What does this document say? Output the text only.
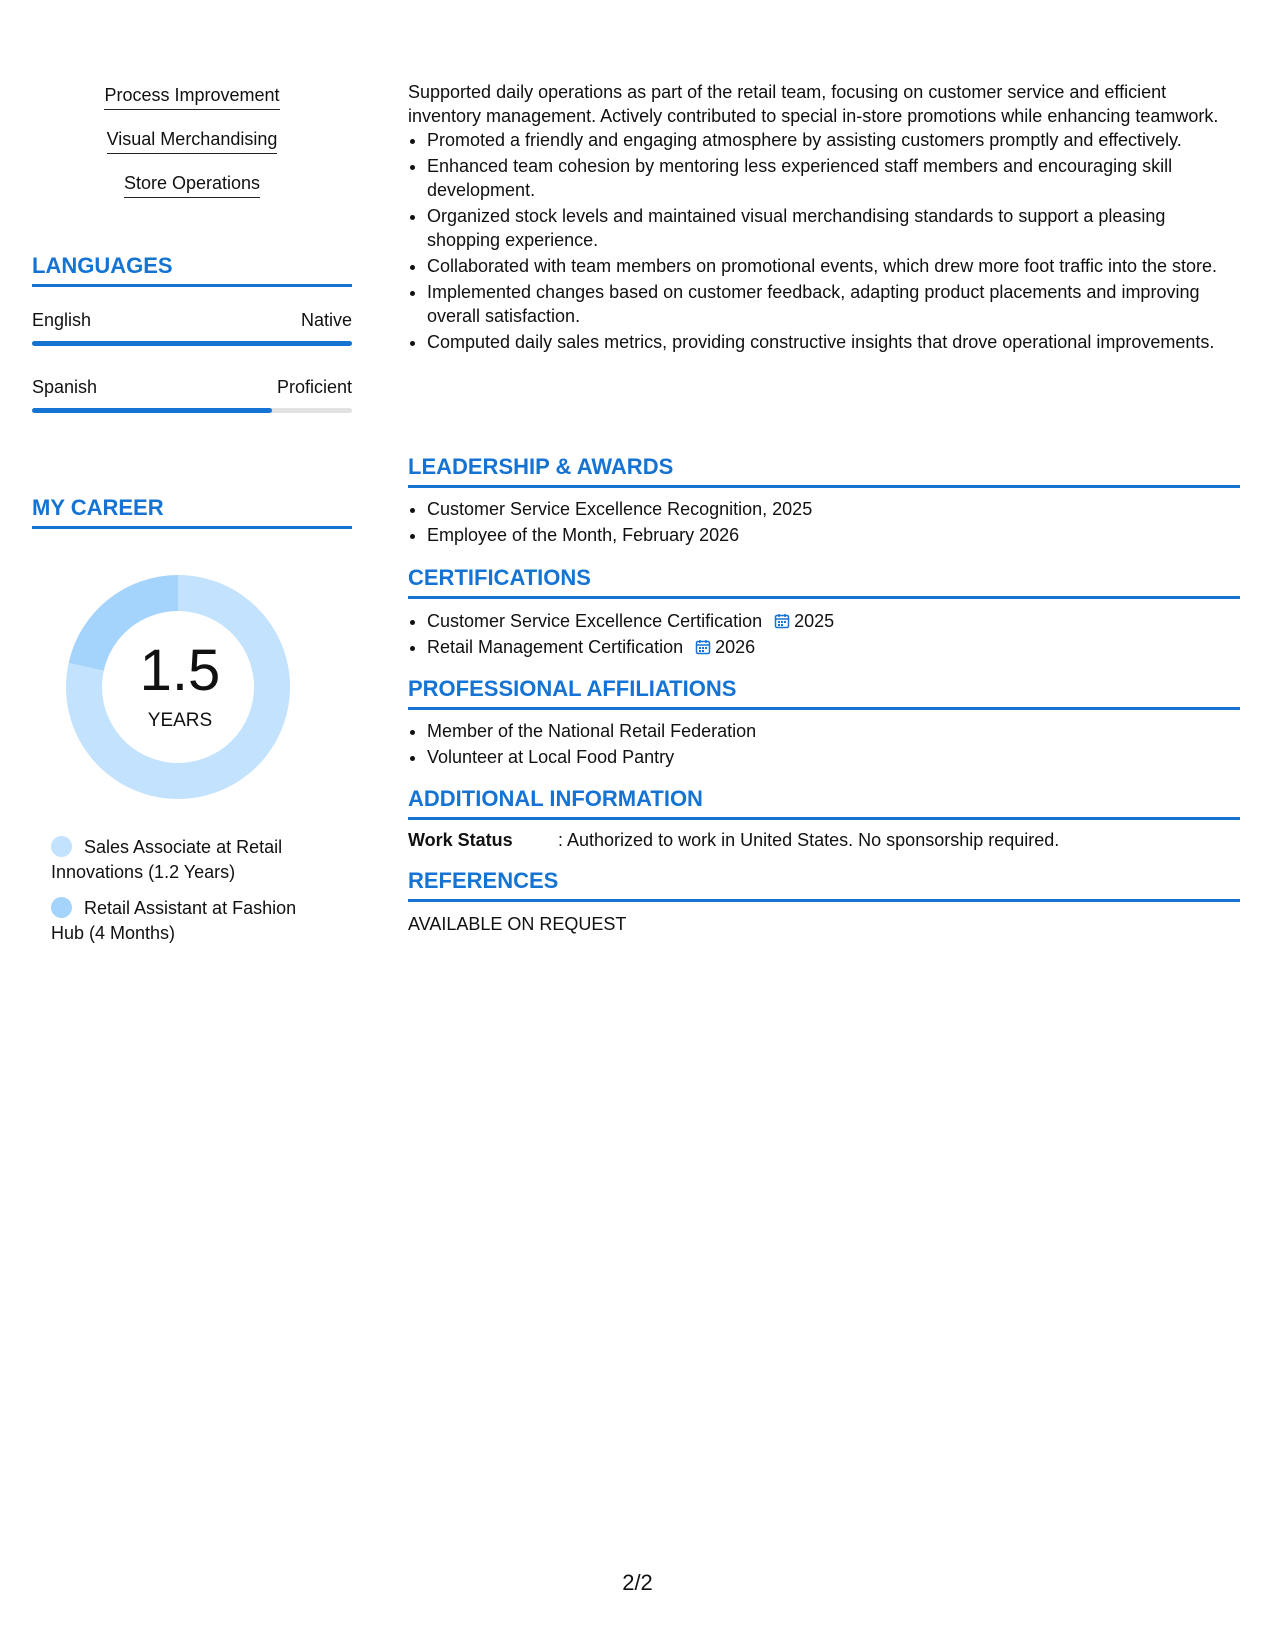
Process Improvement
Visual Merchandising
Store Operations
LANGUAGES
English	Native
Spanish	Proficient
MY CAREER
1.5
YEARS
Sales Associate at Retail Innovations (1.2 Years)
Retail Assistant at Fashion Hub (4 Months)

Supported daily operations as part of the retail team, focusing on customer service and efficient inventory management. Actively contributed to special in-store promotions while enhancing teamwork.

• Promoted a friendly and engaging atmosphere by assisting customers promptly and effectively.
• Enhanced team cohesion by mentoring less experienced staff members and encouraging skill development.
• Organized stock levels and maintained visual merchandising standards to support a pleasing shopping experience.
• Collaborated with team members on promotional events, which drew more foot traffic into the store.
• Implemented changes based on customer feedback, adapting product placements and improving overall satisfaction.
• Computed daily sales metrics, providing constructive insights that drove operational improvements.
LEADERSHIP & AWARDS
• Customer Service Excellence Recognition, 2025
• Employee of the Month, February 2026
CERTIFICATIONS
• Customer Service Excellence Certification 2025
• Retail Management Certification 2026
PROFESSIONAL AFFILIATIONS
• Member of the National Retail Federation
• Volunteer at Local Food Pantry
ADDITIONAL INFORMATION
Work Status	: Authorized to work in United States. No sponsorship required.
REFERENCES
AVAILABLE ON REQUEST
2/2
